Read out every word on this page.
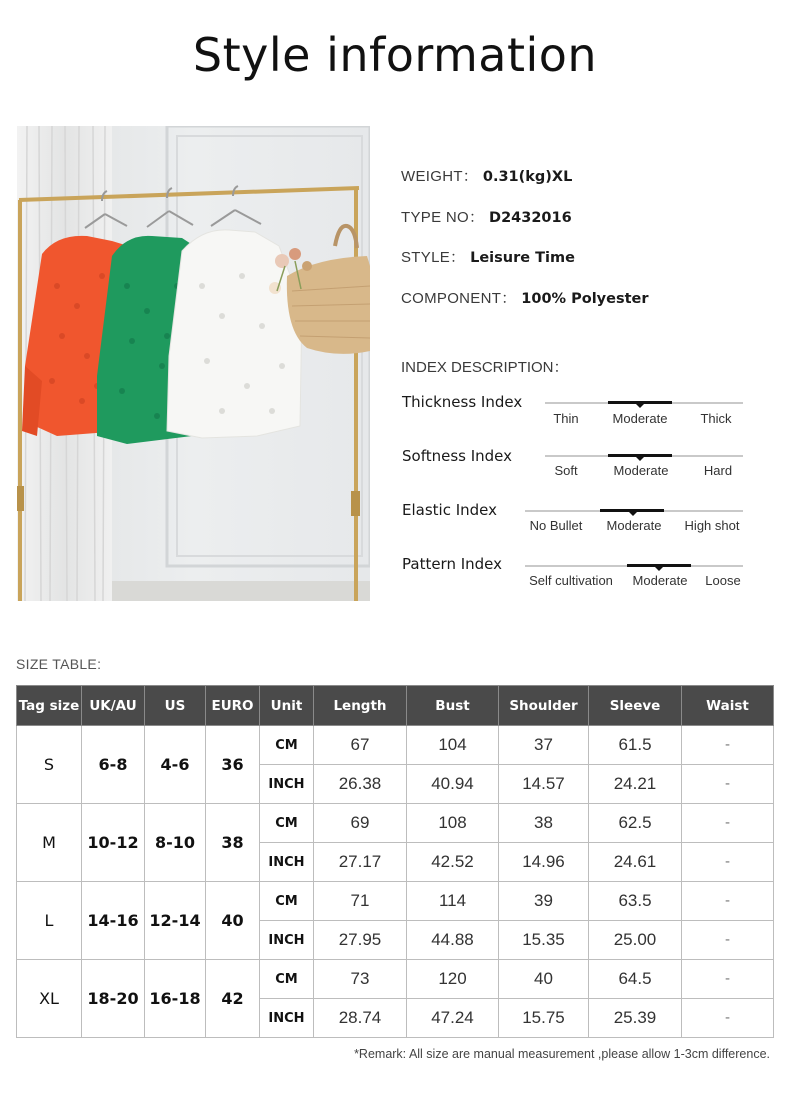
Style information
WEIGHT： 0.31(kg)XL
TYPE NO： D2432016
STYLE： Leisure Time
COMPONENT： 100% Polyester
INDEX DESCRIPTION：
Thickness Index
Thin	Moderate	Thick
Softness Index
Soft	Moderate	Hard
Elastic Index
No Bullet Moderate High shot
Pattern Index
Self cultivation Moderate Loose
SIZE TABLE:
Tag size	UK/AU	US	EURO	Unit	Length	Bust	Shoulder	Sleeve	Waist
S	6-8	4-6	36	CM	67	104	37	61.5	-
				INCH	26.38	40.94	14.57	24.21	-
M	10-12	8-10	38	CM	69	108	38	62.5	-
				INCH	27.17	42.52	14.96	24.61	-
L	14-16	12-14	40	CM	71	114	39	63.5	-
				INCH	27.95	44.88	15.35	25.00	-
XL	18-20	16-18	42	CM	73	120	40	64.5	-
				INCH	28.74	47.24	15.75	25.39	-
*Remark: All size are manual measurement ,please allow 1-3cm difference.
